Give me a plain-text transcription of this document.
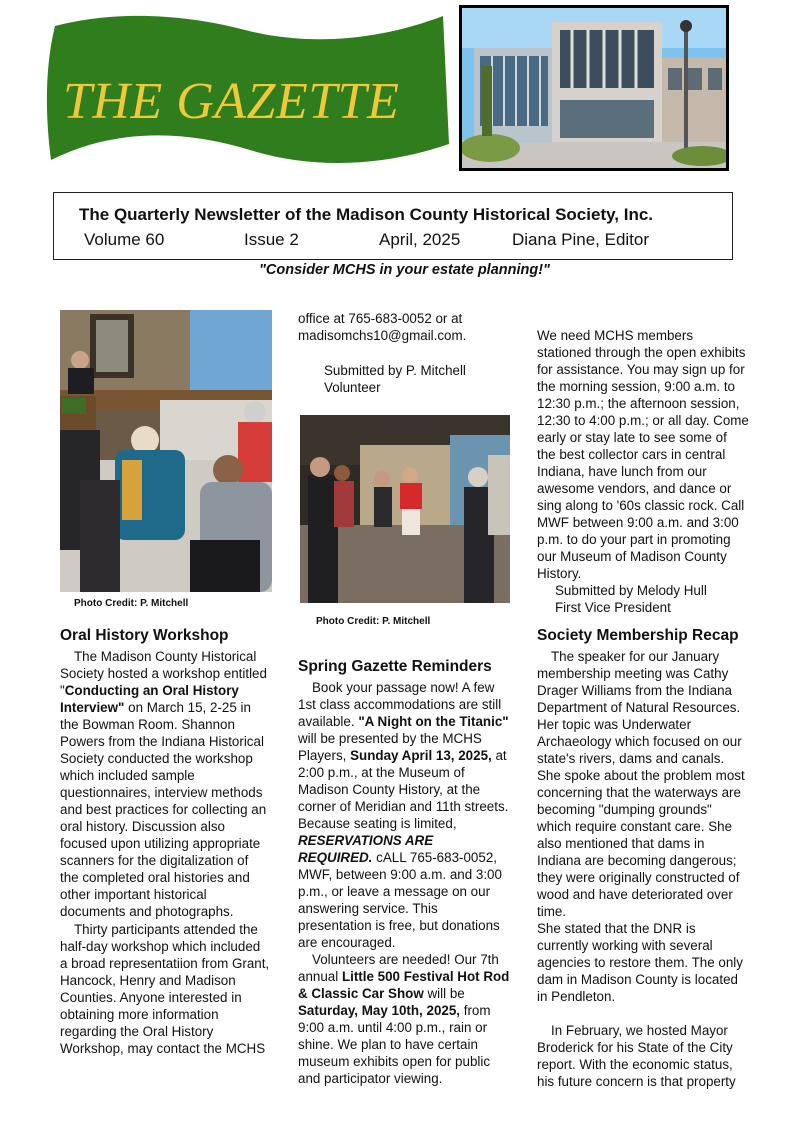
THE GAZETTE
The Quarterly Newsletter of the Madison County Historical Society, Inc.
Volume 60	Issue 2	April, 2025	Diana Pine, Editor
"Consider MCHS in your estate planning!"
Photo Credit: P. Mitchell
Oral History Workshop

The Madison County Historical Society hosted a workshop entitled "Conducting an Oral History Interview" on March 15, 2-25 in the Bowman Room. Shannon Powers from the Indiana Historical Society conducted the workshop which included sample questionnaires, interview methods and best practices for collecting an oral history. Discussion also focused upon utilizing appropriate scanners for the digitalization of the completed oral histories and other important historical documents and photographs.

Thirty participants attended the half-day workshop which included a broad representatiion from Grant, Hancock, Henry and Madison Counties. Anyone interested in obtaining more information regarding the Oral History Workshop, may contact the MCHS

office at 765-683-0052 or at madisomchs10@gmail.com.

Submitted by P. Mitchell

Volunteer

Photo Credit: P. Mitchell
Spring Gazette Reminders

Book your passage now! A few 1st class accommodations are still available. "A Night on the Titanic" will be presented by the MCHS Players, Sunday April 13, 2025, at 2:00 p.m., at the Museum of Madison County History, at the corner of Meridian and 11th streets. Because seating is limited, RESERVATIONS ARE REQUIRED. cALL 765-683-0052, MWF, between 9:00 a.m. and 3:00 p.m., or leave a message on our answering service. This presentation is free, but donations are encouraged.

Volunteers are needed! Our 7th annual Little 500 Festival Hot Rod & Classic Car Show will be Saturday, May 10th, 2025, from 9:00 a.m. until 4:00 p.m., rain or shine. We plan to have certain museum exhibits open for public and participator viewing.

We need MCHS members stationed through the open exhibits for assistance. You may sign up for the morning session, 9:00 a.m. to 12:30 p.m.; the afternoon session, 12:30 to 4:00 p.m.; or all day. Come early or stay late to see some of the best collector cars in central Indiana, have lunch from our awesome vendors, and dance or sing along to '60s classic rock. Call MWF between 9:00 a.m. and 3:00 p.m. to do your part in promoting our Museum of Madison County History.

Submitted by Melody Hull

First Vice President

Society Membership Recap

The speaker for our January membership meeting was Cathy Drager Williams from the Indiana Department of Natural Resources. Her topic was Underwater Archaeology which focused on our state's rivers, dams and canals. She spoke about the problem most concerning that the waterways are becoming "dumping grounds" which require constant care. She also mentioned that dams in Indiana are becoming dangerous; they were originally constructed of wood and have deteriorated over time.

She stated that the DNR is currently working with several agencies to restore them. The only dam in Madison County is located in Pendleton.

In February, we hosted Mayor Broderick for his State of the City report. With the economic status, his future concern is that property
